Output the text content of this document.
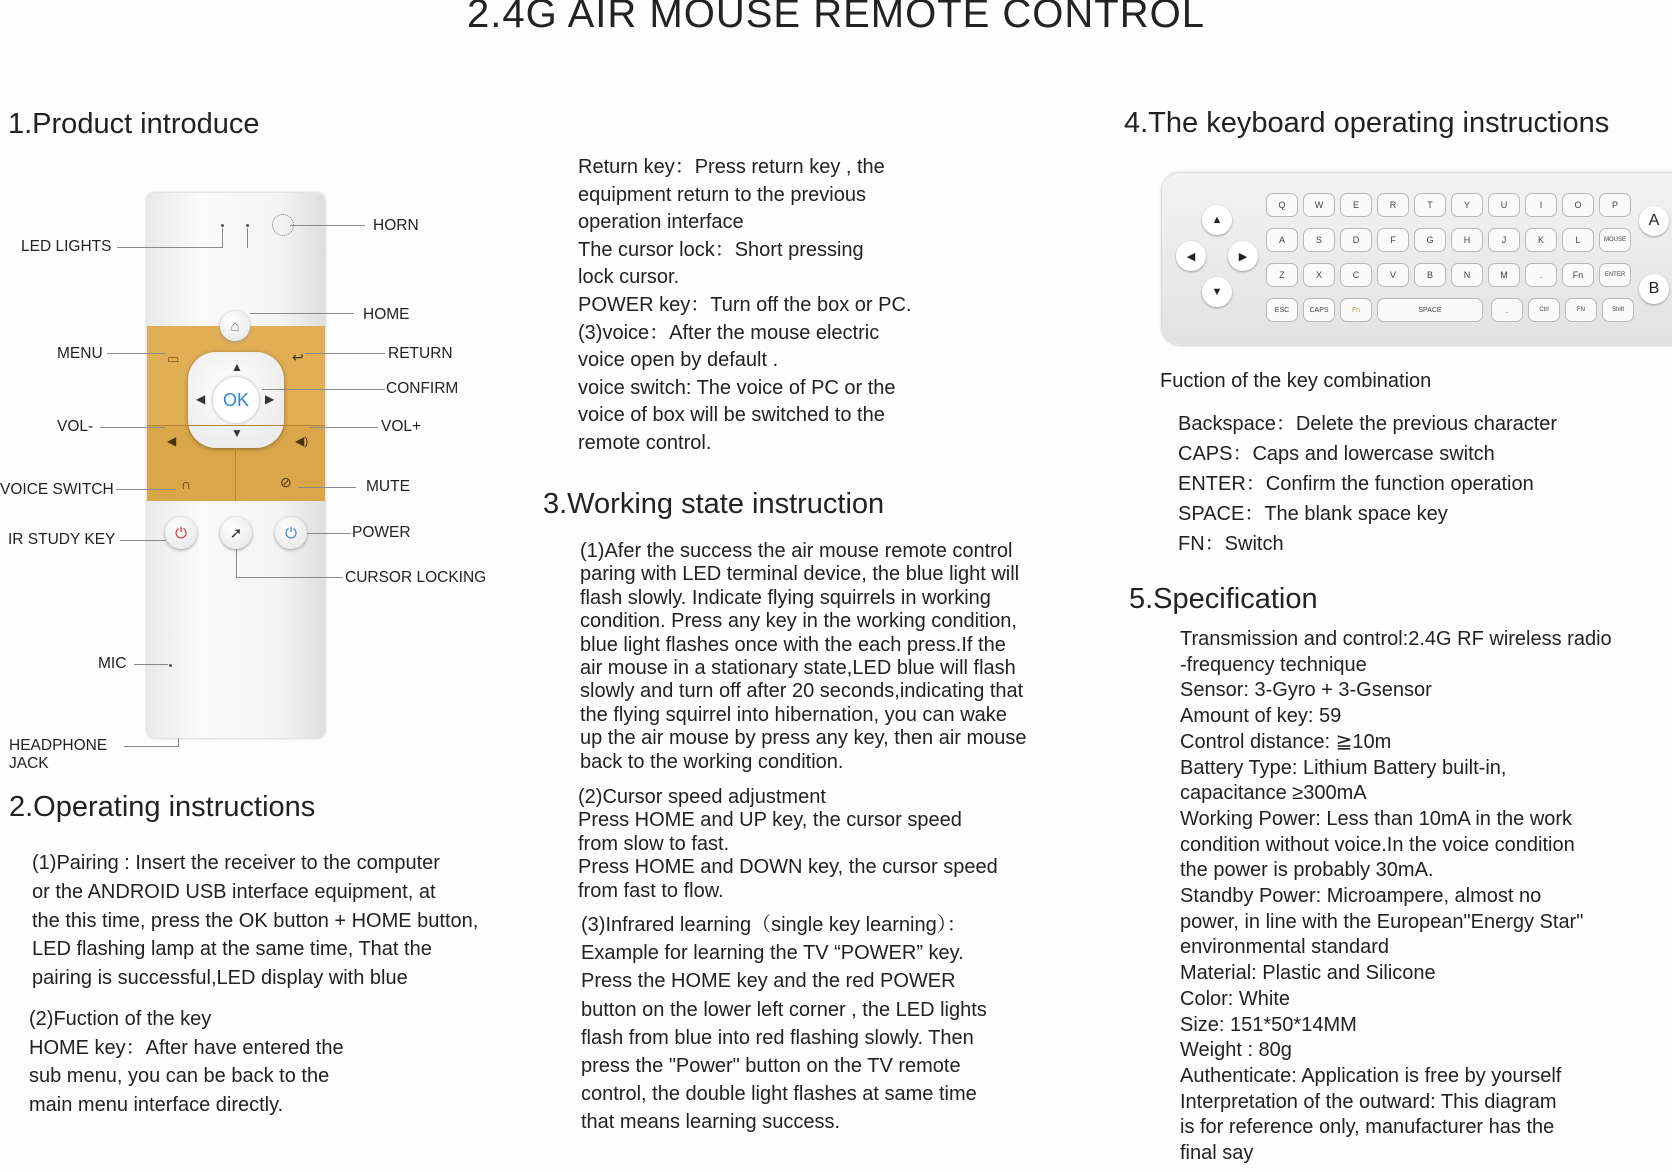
2.4G AIR MOUSE REMOTE CONTROL
1.Product introduce
⌂
▭	↩
▲
▼
◀	▶
OK
◀	◀)
∩	⊘
⏻	➚	⏻
LED LIGHTS
HORN
HOME
MENU	RETURN
CONFIRM
VOL-	VOL+
VOICE SWITCH	MUTE
IR STUDY KEY	POWER
CURSOR LOCKING
MIC
HEADPHONE
JACK
2.Operating instructions
(1)Pairing : Insert the receiver to the computer
or the ANDROID USB interface equipment, at
the this time, press the OK button + HOME button,
LED flashing lamp at the same time, That the
pairing is successful,LED display with blue
(2)Fuction of the key
HOME key：After have entered the
sub menu, you can be back to the
main menu interface directly.
Return key：Press return key , the
equipment return to the previous
operation interface
The cursor lock：Short pressing
lock cursor.
POWER key：Turn off the box or PC.
(3)voice：After the mouse electric
voice open by default .
voice switch: The voice of PC or the
voice of box will be switched to the
remote control.
3.Working state instruction
(1)Afer the success the air mouse remote control
paring with LED terminal device, the blue light will
flash slowly. Indicate flying squirrels in working
condition. Press any key in the working condition,
blue light flashes once with the each press.If the
air mouse in a stationary state,LED blue will flash
slowly and turn off after 20 seconds,indicating that
the flying squirrel into hibernation, you can wake
up the air mouse by press any key, then air mouse
back to the working condition.
(2)Cursor speed adjustment
Press HOME and UP key, the cursor speed
from slow to fast.
Press HOME and DOWN key, the cursor speed
from fast to flow.
(3)Infrared learning（single key learning）：
Example for learning the TV “POWER” key.
Press the HOME key and the red POWER
button on the lower left corner , the LED lights
flash from blue into red flashing slowly. Then
press the "Power" button on the TV remote
control, the double light flashes at same time
that means learning success.
4.The keyboard operating instructions
▲
◀	▶
▼
Q	W	E	R	T	Y	U	I	O	P
A	S	D	F	G	H	J	K	L	MOUSE
Z	X	C	V	B	N	M	.	Fn	ENTER
ESC	CAPS	Fn	SPACE	.	Ctrl	FN	Shift
A
B
Fuction of the key combination
Backspace：Delete the previous character
CAPS：Caps and lowercase switch
ENTER：Confirm the function operation
SPACE：The blank space key
FN：Switch
5.Specification
Transmission and control:2.4G RF wireless radio
-frequency technique
Sensor: 3-Gyro + 3-Gsensor
Amount of key: 59
Control distance: ≧10m
Battery Type: Lithium Battery built-in,
capacitance ≥300mA
Working Power: Less than 10mA in the work
condition without voice.In the voice condition
the power is probably 30mA.
Standby Power: Microampere, almost no
power, in line with the European"Energy Star"
environmental standard
Material: Plastic and Silicone
Color: White
Size: 151*50*14MM
Weight : 80g
Authenticate: Application is free by yourself
Interpretation of the outward: This diagram
is for reference only, manufacturer has the
final say
